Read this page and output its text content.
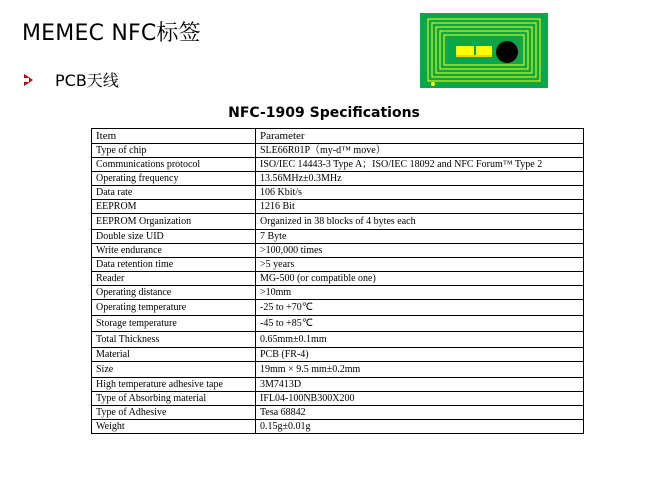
MEMEC NFC标签
PCB天线
NFC-1909 Specifications
Item	Parameter
Type of chip	SLE66R01P（my-d™ move）
Communications protocol	ISO/IEC 14443-3 Type A；ISO/IEC 18092 and NFC Forum™ Type 2
Operating frequency	13.56MHz±0.3MHz
Data rate	106 Kbit/s
EEPROM	1216 Bit
EEPROM Organization	Organized in 38 blocks of 4 bytes each
Double size UID	7 Byte
Write endurance	>100,000 times
Data retention time	>5 years
Reader	MG-500 (or compatible one)
Operating distance	>10mm
Operating temperature	-25 to +70℃
Storage temperature	-45 to +85℃
Total Thickness	0.65mm±0.1mm
Material	PCB (FR-4)
Size	19mm × 9.5 mm±0.2mm
High temperature adhesive tape	3M7413D
Type of Absorbing material	IFL04-100NB300X200
Type of Adhesive	Tesa 68842
Weight	0.15g±0.01g
